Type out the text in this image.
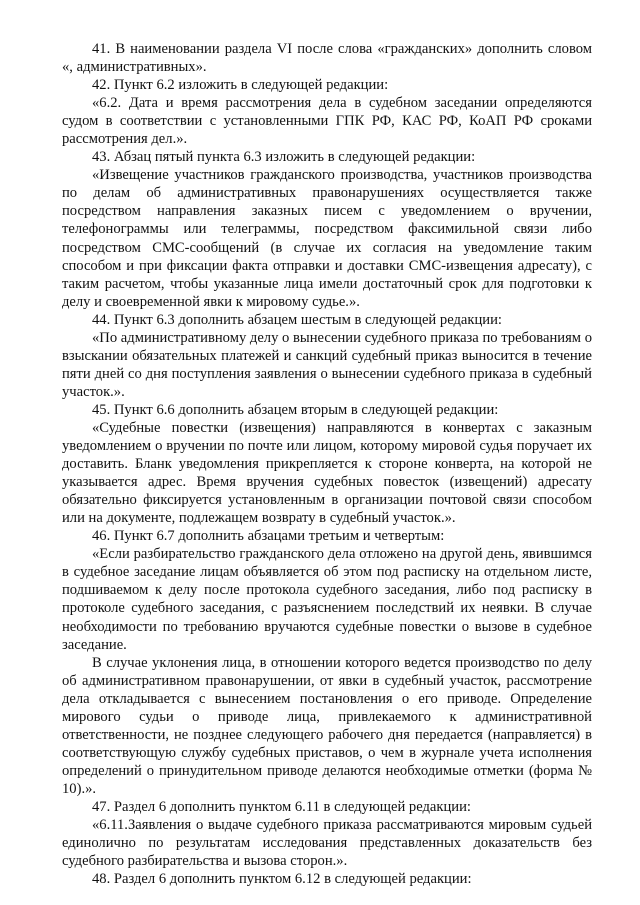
41. В наименовании раздела VI после слова «гражданских» дополнить словом «, административных».

42. Пункт 6.2 изложить в следующей редакции:

«6.2. Дата и время рассмотрения дела в судебном заседании определяются судом в соответствии с установленными ГПК РФ, КАС РФ, КоАП РФ сроками рассмотрения дел.».

43. Абзац пятый пункта 6.3 изложить в следующей редакции:

«Извещение участников гражданского производства, участников производства по делам об административных правонарушениях осуществляется также посредством направления заказных писем с уведомлением о вручении, телефонограммы или телеграммы, посредством факсимильной связи либо посредством СМС-сообщений (в случае их согласия на уведомление таким способом и при фиксации факта отправки и доставки СМС-извещения адресату), с таким расчетом, чтобы указанные лица имели достаточный срок для подготовки к делу и своевременной явки к мировому судье.».

44. Пункт 6.3 дополнить абзацем шестым в следующей редакции:

«По административному делу о вынесении судебного приказа по требованиям о взыскании обязательных платежей и санкций судебный приказ выносится в течение пяти дней со дня поступления заявления о вынесении судебного приказа в судебный участок.».

45. Пункт 6.6 дополнить абзацем вторым в следующей редакции:

«Судебные повестки (извещения) направляются в конвертах с заказным уведомлением о вручении по почте или лицом, которому мировой судья поручает их доставить. Бланк уведомления прикрепляется к стороне конверта, на которой не указывается адрес. Время вручения судебных повесток (извещений) адресату обязательно фиксируется установленным в организации почтовой связи способом или на документе, подлежащем возврату в судебный участок.».

46. Пункт 6.7 дополнить абзацами третьим и четвертым:

«Если разбирательство гражданского дела отложено на другой день, явившимся в судебное заседание лицам объявляется об этом под расписку на отдельном листе, подшиваемом к делу после протокола судебного заседания, либо под расписку в протоколе судебного заседания, с разъяснением последствий их неявки. В случае необходимости по требованию вручаются судебные повестки о вызове в судебное заседание.

В случае уклонения лица, в отношении которого ведется производство по делу об административном правонарушении, от явки в судебный участок, рассмотрение дела откладывается с вынесением постановления о его приводе. Определение мирового судьи о приводе лица, привлекаемого к административной ответственности, не позднее следующего рабочего дня передается (направляется) в соответствующую службу судебных приставов, о чем в журнале учета исполнения определений о принудительном приводе делаются необходимые отметки (форма № 10).».

47. Раздел 6 дополнить пунктом 6.11 в следующей редакции:

«6.11.Заявления о выдаче судебного приказа рассматриваются мировым судьей единолично по результатам исследования представленных доказательств без судебного разбирательства и вызова сторон.».

48. Раздел 6 дополнить пунктом 6.12 в следующей редакции:
